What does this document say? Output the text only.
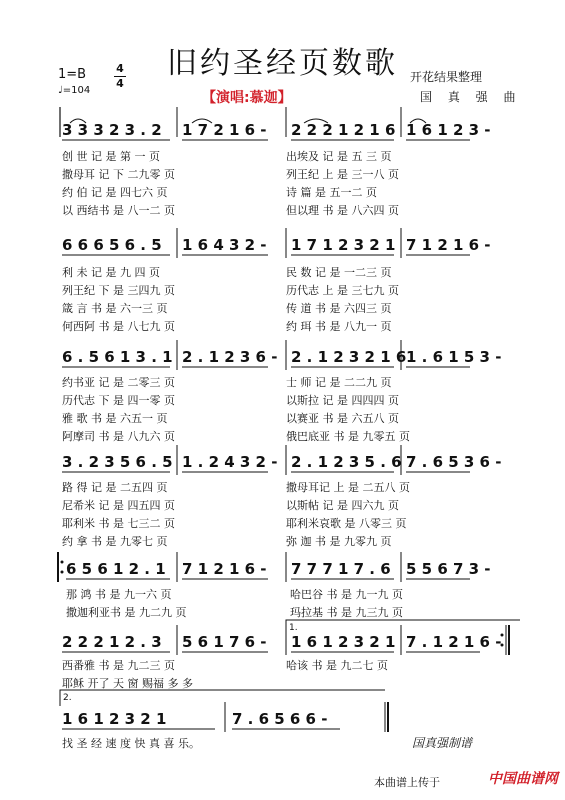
旧约圣经页数歌
1=B
♩=104
4
4
【演唱:慕迦】
开花结果整理
国 真 强 曲
3 3 3 2 3 . 2 1 7 2 1 6 - 2 2 2 1 2 1 6 1 6 1 2 3 -
创 世 记 是 第 一 页	出埃及 记 是 五 三 页
撒母耳 记 下 二九零 页	列王纪 上 是 三一八 页
约 伯 记 是 四七六 页	诗 篇 是 五一二 页
以 西结书 是 八一二 页	但以理 书 是 八六四 页
6 6 6 5 6 . 5 1 6 4 3 2 - 1 7 1 2 3 2 1 7 1 2 1 6 -
利 未 记 是 九 四 页	民 数 记 是 一二三 页
列王纪 下 是 三四九 页	历代志 上 是 三七九 页
箴 言 书 是 六一三 页	传 道 书 是 六四三 页
何西阿 书 是 八七九 页	约 珥 书 是 八九一 页
6 . 5 6 1 3 . 1 2 . 1 2 3 6 - 2 . 1 2 3 2 1 6 1 . 6 1 5 3 -
约书亚 记 是 二零三 页	士 师 记 是 二二九 页
历代志 下 是 四一零 页	以斯拉 记 是 四四四 页
雅 歌 书 是 六五一 页	以赛亚 书 是 六五八 页
阿摩司 书 是 八九六 页	俄巴底亚 书 是 九零五 页
3 . 2 3 5 6 . 5 1 . 2 4 3 2 - 2 . 1 2 3 5 . 6 7 . 6 5 3 6 -
路 得 记 是 二五四 页	撒母耳记 上 是 二五八 页
尼希米 记 是 四五四 页	以斯帖 记 是 四六九 页
耶利米 书 是 七三二 页	耶利米哀歌 是 八零三 页
约 拿 书 是 九零七 页	弥 迦 书 是 九零九 页
6 5 6 1 2 . 1 7 1 2 1 6 - 7 7 7 1 7 . 6 5 5 6 7 3 -
那 鸿 书 是 九一六 页	哈巴谷 书 是 九一九 页
撒迦利亚书 是 九二九 页	玛拉基 书 是 九三九 页
1.
2 2 2 1 2 . 3 5 6 1 7 6 - 1 6 1 2 3 2 1 7 . 1 2 1 6 -
西番雅 书 是 九二三 页	哈该 书 是 九二七 页
耶稣 开了 天 窗 赐福 多 多
2.
1 6 1 2 3 2 1	7 . 6 5 6 6 -
找 圣 经 速 度 快 真 喜 乐。	国真强制谱
本曲谱上传于	中国曲谱网
